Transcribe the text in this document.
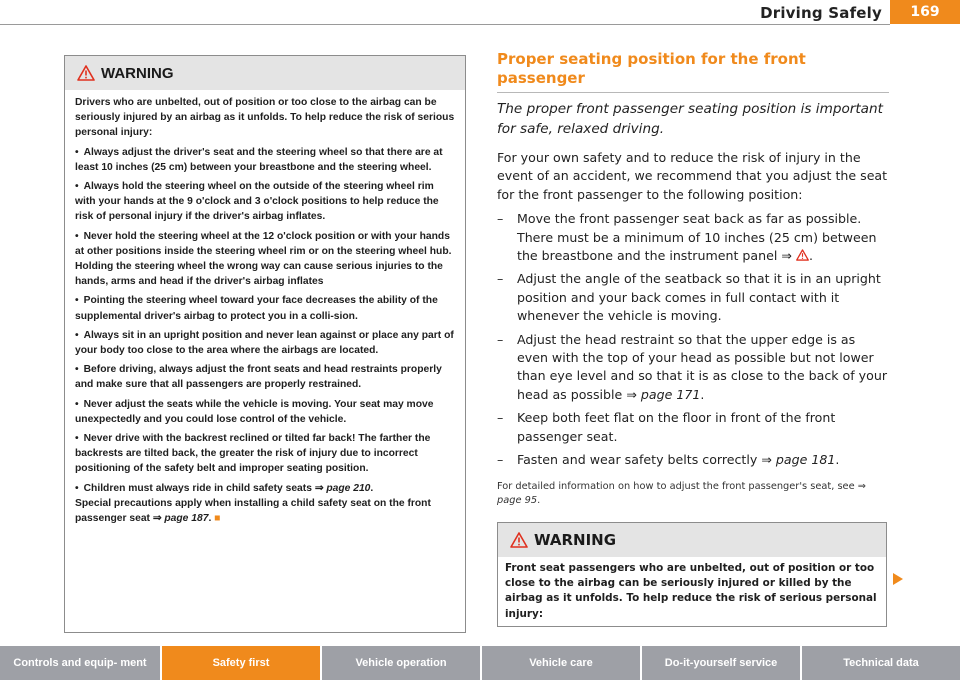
Driving Safely	169
WARNING

Drivers who are unbelted, out of position or too close to the airbag can be seriously injured by an airbag as it unfolds. To help reduce the risk of serious personal injury:

• Always adjust the driver's seat and the steering wheel so that there are at least 10 inches (25 cm) between your breastbone and the steering wheel.

• Always hold the steering wheel on the outside of the steering wheel rim with your hands at the 9 o'clock and 3 o'clock positions to help reduce the risk of personal injury if the driver's airbag inflates.

• Never hold the steering wheel at the 12 o'clock position or with your hands at other positions inside the steering wheel rim or on the steering wheel hub. Holding the steering wheel the wrong way can cause serious injuries to the hands, arms and head if the driver's airbag inflates

• Pointing the steering wheel toward your face decreases the ability of the supplemental driver's airbag to protect you in a colli-sion.

• Always sit in an upright position and never lean against or place any part of your body too close to the area where the airbags are located.

• Before driving, always adjust the front seats and head restraints properly and make sure that all passengers are properly restrained.

• Never adjust the seats while the vehicle is moving. Your seat may move unexpectedly and you could lose control of the vehicle.

• Never drive with the backrest reclined or tilted far back! The farther the backrests are tilted back, the greater the risk of injury due to incorrect positioning of the safety belt and improper seating position.

• Children must always ride in child safety seats ⇒ page 210.
Special precautions apply when installing a child safety seat on the front passenger seat ⇒ page 187. ■

Proper seating position for the front passenger
The proper front passenger seating position is important for safe, relaxed driving.
For your own safety and to reduce the risk of injury in the event of an accident, we recommend that you adjust the seat for the front passenger to the following position:
– Move the front passenger seat back as far as possible. There must be a minimum of 10 inches (25 cm) between the breastbone and the instrument panel ⇒ .
– Adjust the angle of the seatback so that it is in an upright position and your back comes in full contact with it whenever the vehicle is moving.
– Adjust the head restraint so that the upper edge is as even with the top of your head as possible but not lower than eye level and so that it is as close to the back of your head as possible ⇒ page 171.
– Keep both feet flat on the floor in front of the front passenger seat.
– Fasten and wear safety belts correctly ⇒ page 181.
For detailed information on how to adjust the front passenger's seat, see ⇒ page 95.
WARNING
Front seat passengers who are unbelted, out of position or too close to the airbag can be seriously injured or killed by the airbag as it unfolds. To help reduce the risk of serious personal injury:
Controls and equip- ment	Safety first	Vehicle operation	Vehicle care	Do-it-yourself service	Technical data
